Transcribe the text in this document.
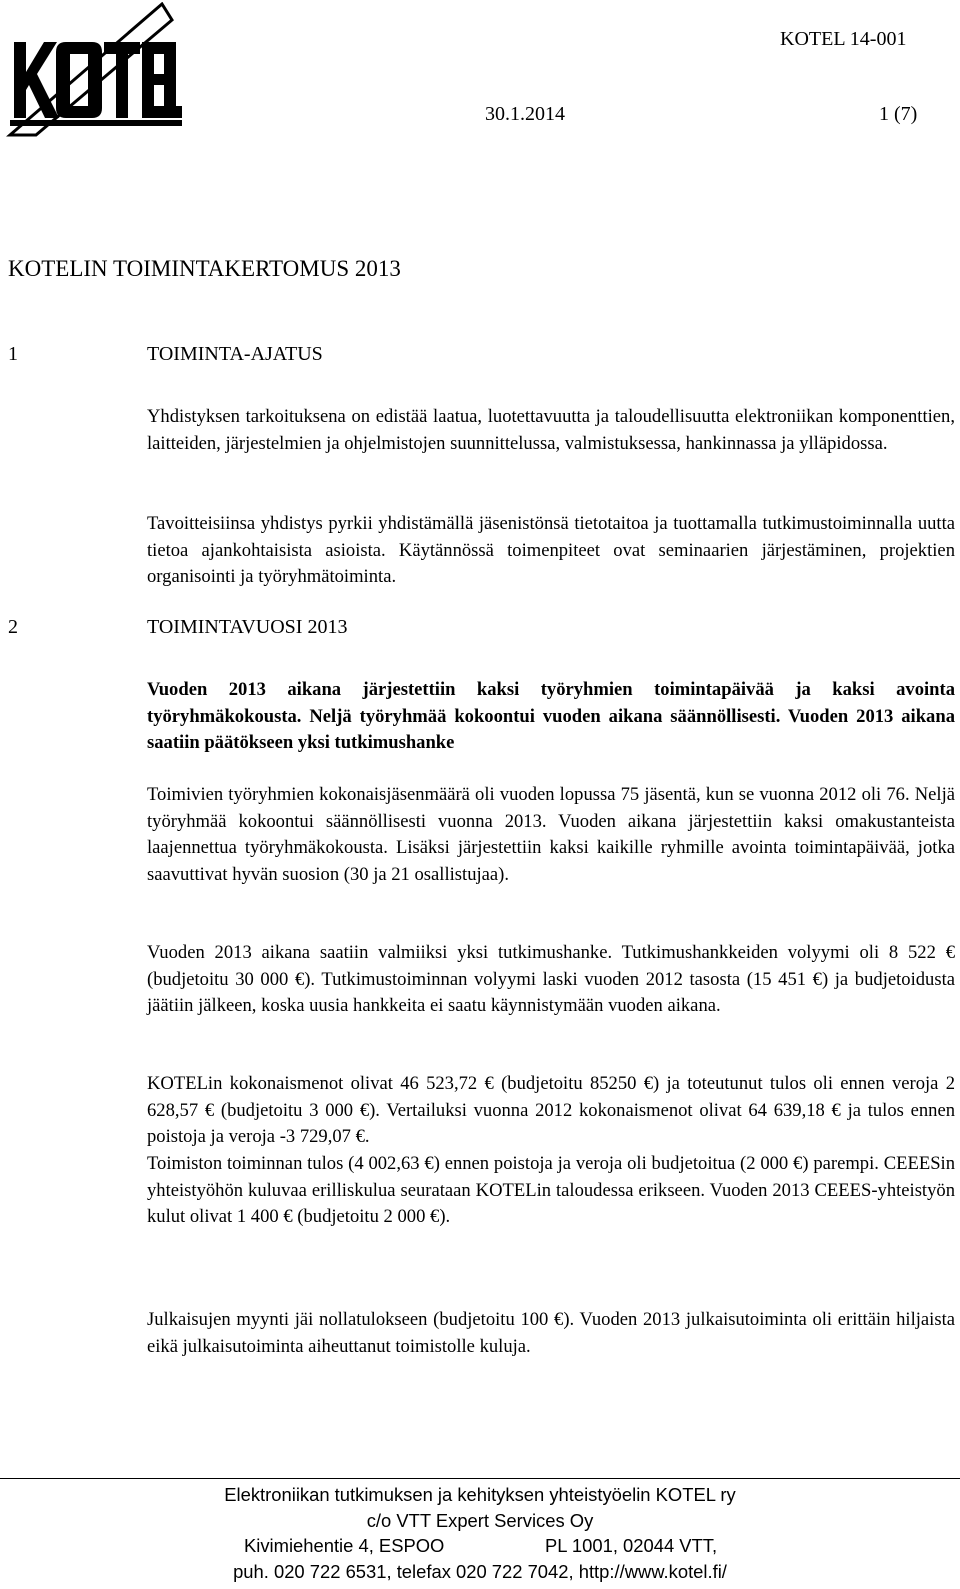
KOTEL 14-001
30.1.2014	1 (7)
KOTELIN TOIMINTAKERTOMUS 2013
1	TOIMINTA-AJATUS

Yhdistyksen tarkoituksena on edistää laatua, luotettavuutta ja taloudellisuutta elektroniikan komponenttien, laitteiden, järjestelmien ja ohjelmistojen suunnittelussa, valmistuksessa, hankinnassa ja ylläpidossa.

Tavoitteisiinsa yhdistys pyrkii yhdistämällä jäsenistönsä tietotaitoa ja tuottamalla tutkimustoiminnalla uutta tietoa ajankohtaisista asioista. Käytännössä toimenpiteet ovat seminaarien järjestäminen, projektien organisointi ja työryhmätoiminta.

2	TOIMINTAVUOSI 2013

Vuoden 2013 aikana järjestettiin kaksi työryhmien toimintapäivää ja kaksi avointa työryhmäkokousta. Neljä työryhmää kokoontui vuoden aikana säännöllisesti. Vuoden 2013 aikana saatiin päätökseen yksi tutkimushanke

Toimivien työryhmien kokonaisjäsenmäärä oli vuoden lopussa 75 jäsentä, kun se vuonna 2012 oli 76. Neljä työryhmää kokoontui säännöllisesti vuonna 2013. Vuoden aikana järjestettiin kaksi omakustanteista laajennettua työryhmäkokousta. Lisäksi järjestettiin kaksi kaikille ryhmille avointa toimintapäivää, jotka saavuttivat hyvän suosion (30 ja 21 osallistujaa).

Vuoden 2013 aikana saatiin valmiiksi yksi tutkimushanke. Tutkimushankkeiden volyymi oli 8 522 € (budjetoitu 30 000 €). Tutkimustoiminnan volyymi laski vuoden 2012 tasosta (15 451 €) ja budjetoidusta jäätiin jälkeen, koska uusia hankkeita ei saatu käynnistymään vuoden aikana.

KOTELin kokonaismenot olivat 46 523,72 € (budjetoitu 85250 €) ja toteutunut tulos oli ennen veroja 2 628,57 € (budjetoitu 3 000 €). Vertailuksi vuonna 2012 kokonaismenot olivat 64 639,18 € ja tulos ennen poistoja ja veroja -3 729,07 €.

Toimiston toiminnan tulos (4 002,63 €) ennen poistoja ja veroja oli budjetoitua (2 000 €) parempi. CEEESin yhteistyöhön kuluvaa erilliskulua seurataan KOTELin taloudessa erikseen. Vuoden 2013 CEEES-yhteistyön kulut olivat 1 400 € (budjetoitu 2 000 €).

Julkaisujen myynti jäi nollatulokseen (budjetoitu 100 €). Vuoden 2013 julkaisutoiminta oli erittäin hiljaista eikä julkaisutoiminta aiheuttanut toimistolle kuluja.

Elektroniikan tutkimuksen ja kehityksen yhteistyöelin KOTEL ry
c/o VTT Expert Services Oy
Kivimiehentie 4, ESPOO	PL 1001, 02044 VTT,
puh. 020 722 6531, telefax 020 722 7042, http://www.kotel.fi/
